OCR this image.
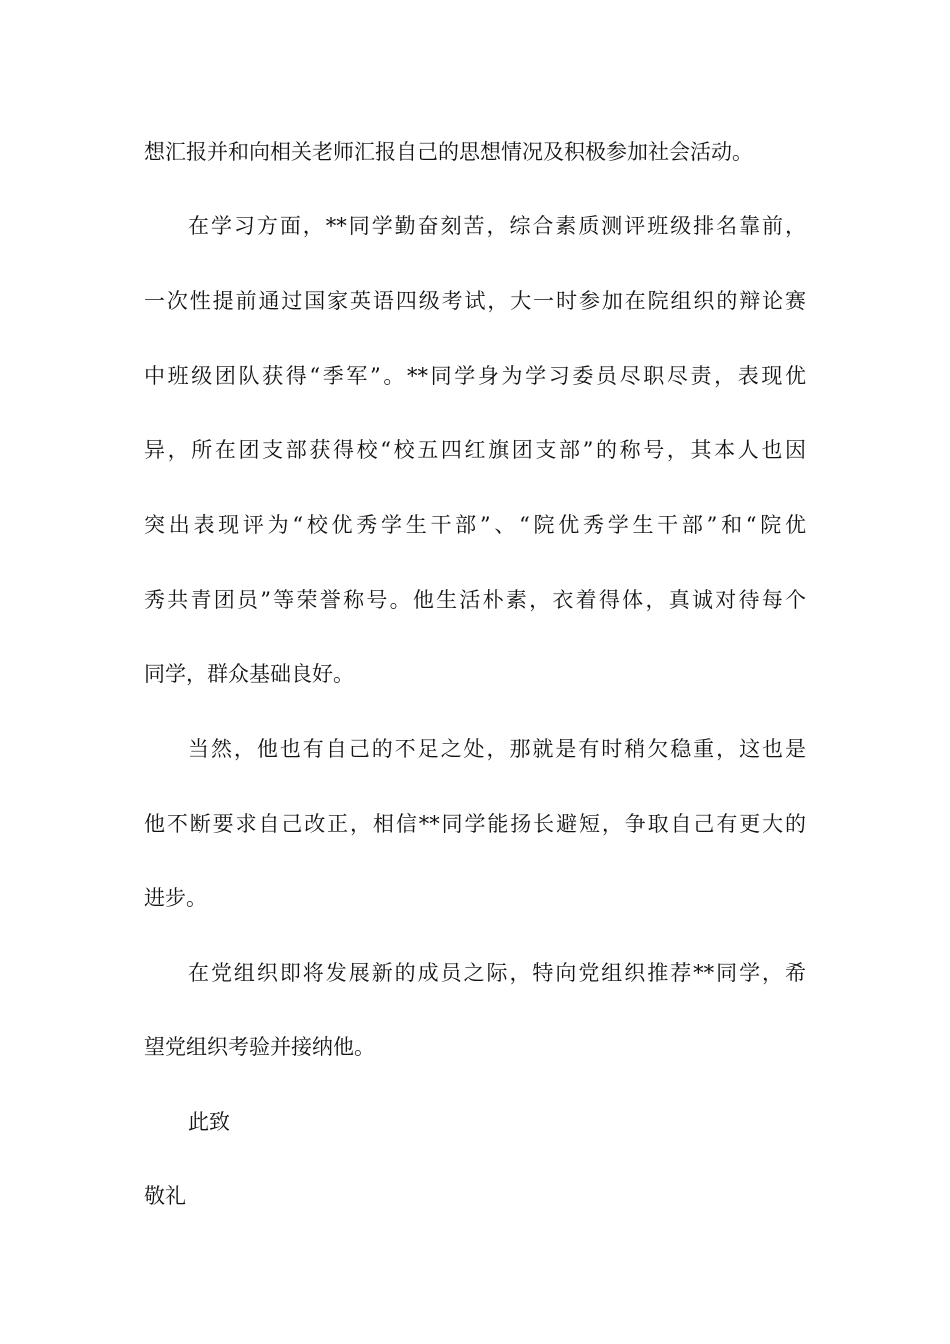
想汇报并和向相关老师汇报自己的思想情况及积极参加社会活动。
在学习方面，**同学勤奋刻苦，综合素质测评班级排名靠前，
一次性提前通过国家英语四级考试，大一时参加在院组织的辩论赛
中班级团队获得“季军”。**同学身为学习委员尽职尽责，表现优
异，所在团支部获得校“校五四红旗团支部”的称号，其本人也因
突出表现评为“校优秀学生干部”、“院优秀学生干部”和“院优
秀共青团员”等荣誉称号。他生活朴素，衣着得体，真诚对待每个
同学，群众基础良好。
当然，他也有自己的不足之处，那就是有时稍欠稳重，这也是
他不断要求自己改正，相信**同学能扬长避短，争取自己有更大的
进步。
在党组织即将发展新的成员之际，特向党组织推荐**同学，希
望党组织考验并接纳他。
此致
敬礼
